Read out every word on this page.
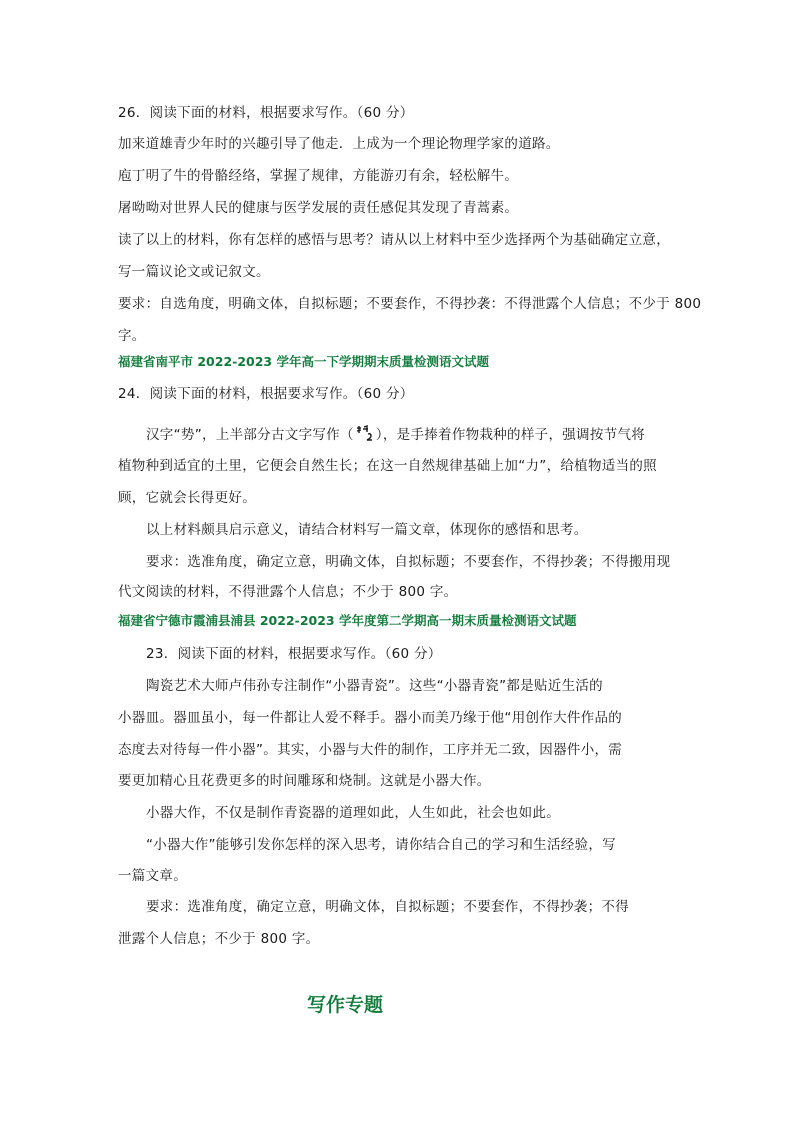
26．阅读下面的材料，根据要求写作。（60 分）
加来道雄青少年时的兴趣引导了他走．上成为一个理论物理学家的道路。
庖丁明了牛的骨骼经络，掌握了规律，方能游刃有余，轻松解牛。
屠呦呦对世界人民的健康与医学发展的责任感促其发现了青蒿素。
读了以上的材料，你有怎样的感悟与思考？请从以上材料中至少选择两个为基础确定立意，
写一篇议论文或记叙文。
要求：自选角度，明确文体，自拟标题；不要套作，不得抄袭：不得泄露个人信息；不少于 800
字。
福建省南平市 2022-2023 学年高一下学期期末质量检测语文试题
24．阅读下面的材料，根据要求写作。（60 分）
汉字“势”，上半部分古文字写作（ ），是手捧着作物栽种的样子，强调按节气将
植物种到适宜的土里，它便会自然生长；在这一自然规律基础上加“力”，给植物适当的照
顾，它就会长得更好。
以上材料颇具启示意义，请结合材料写一篇文章，体现你的感悟和思考。
要求：选准角度，确定立意，明确文体，自拟标题；不要套作，不得抄袭；不得搬用现
代文阅读的材料，不得泄露个人信息；不少于 800 字。
福建省宁德市霞浦县浦县 2022-2023 学年度第二学期高一期末质量检测语文试题
23．阅读下面的材料，根据要求写作。（60 分）
陶瓷艺术大师卢伟孙专注制作“小器青瓷”。这些“小器青瓷”都是贴近生活的
小器皿。器皿虽小，每一件都让人爱不释手。器小而美乃缘于他“用创作大件作品的
态度去对待每一件小器”。其实，小器与大件的制作，工序并无二致，因器件小，需
要更加精心且花费更多的时间雕琢和烧制。这就是小器大作。
小器大作，不仅是制作青瓷器的道理如此，人生如此，社会也如此。
“小器大作”能够引发你怎样的深入思考，请你结合自己的学习和生活经验，写
一篇文章。
要求：选准角度，确定立意，明确文体，自拟标题；不要套作，不得抄袭；不得
泄露个人信息；不少于 800 字。
写作专题
